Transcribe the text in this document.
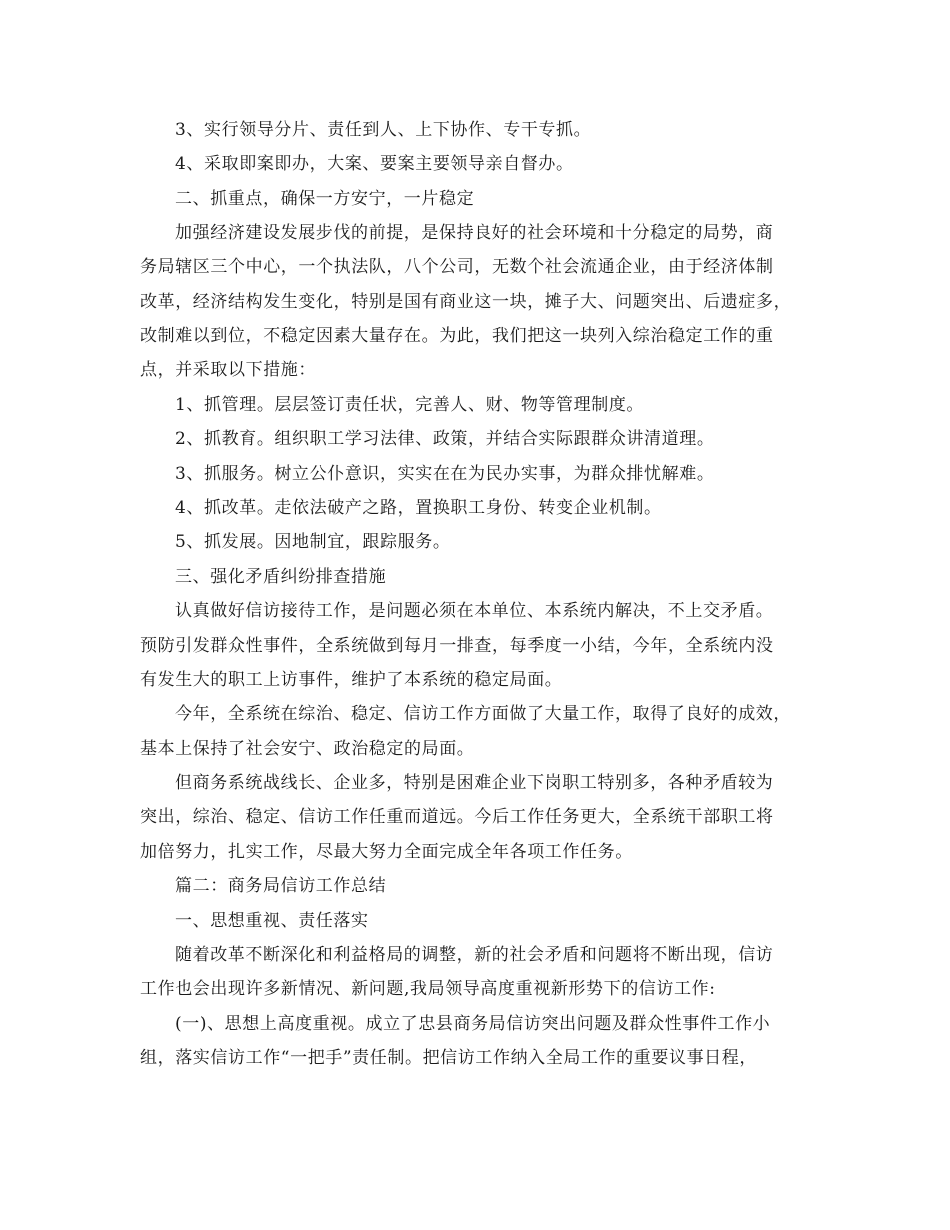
3、实行领导分片、责任到人、上下协作、专干专抓。
4、采取即案即办，大案、要案主要领导亲自督办。
二、抓重点，确保一方安宁，一片稳定
加强经济建设发展步伐的前提，是保持良好的社会环境和十分稳定的局势，商
务局辖区三个中心，一个执法队，八个公司，无数个社会流通企业，由于经济体制
改革，经济结构发生变化，特别是国有商业这一块，摊子大、问题突出、后遗症多，
改制难以到位，不稳定因素大量存在。为此，我们把这一块列入综治稳定工作的重
点，并采取以下措施：
1、抓管理。层层签订责任状，完善人、财、物等管理制度。
2、抓教育。组织职工学习法律、政策，并结合实际跟群众讲清道理。
3、抓服务。树立公仆意识，实实在在为民办实事，为群众排忧解难。
4、抓改革。走依法破产之路，置换职工身份、转变企业机制。
5、抓发展。因地制宜，跟踪服务。
三、强化矛盾纠纷排查措施
认真做好信访接待工作，是问题必须在本单位、本系统内解决，不上交矛盾。
预防引发群众性事件，全系统做到每月一排查，每季度一小结，今年，全系统内没
有发生大的职工上访事件，维护了本系统的稳定局面。
今年，全系统在综治、稳定、信访工作方面做了大量工作，取得了良好的成效，
基本上保持了社会安宁、政治稳定的局面。
但商务系统战线长、企业多，特别是困难企业下岗职工特别多，各种矛盾较为
突出，综治、稳定、信访工作任重而道远。今后工作任务更大，全系统干部职工将
加倍努力，扎实工作，尽最大努力全面完成全年各项工作任务。
篇二：商务局信访工作总结
一、思想重视、责任落实
随着改革不断深化和利益格局的调整，新的社会矛盾和问题将不断出现，信访
工作也会出现许多新情况、新问题,我局领导高度重视新形势下的信访工作:
(一)、思想上高度重视。成立了忠县商务局信访突出问题及群众性事件工作小
组，落实信访工作“一把手”责任制。把信访工作纳入全局工作的重要议事日程，
